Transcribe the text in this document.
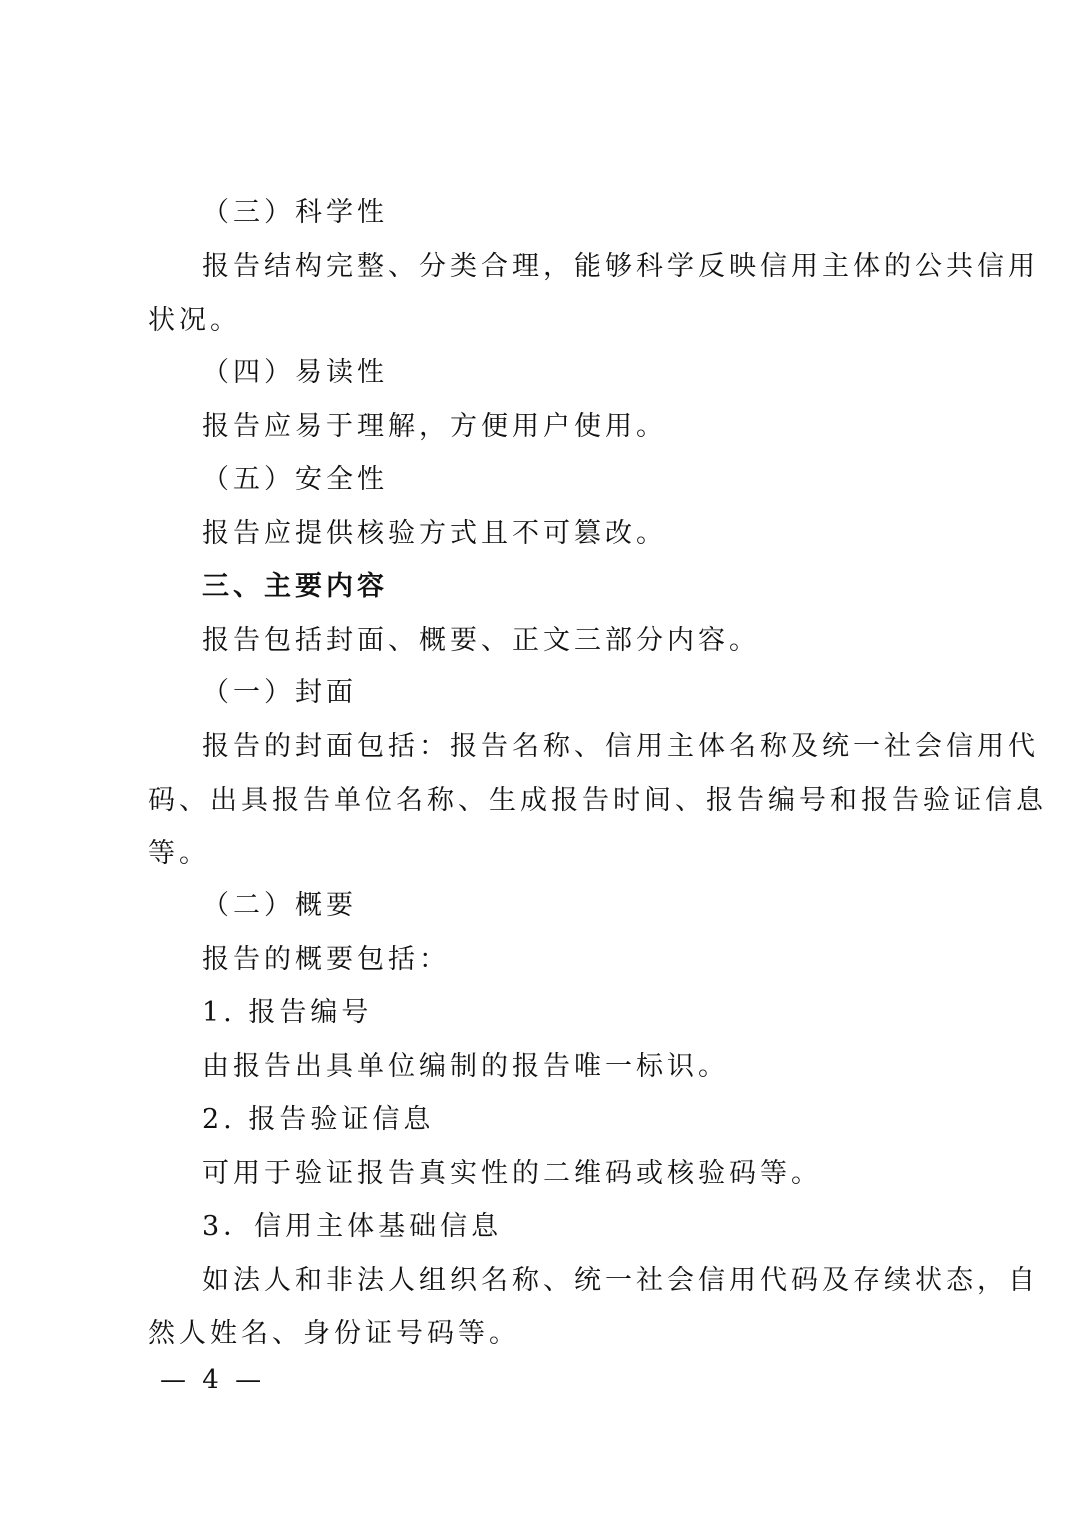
（三）科学性
报告结构完整、分类合理，能够科学反映信用主体的公共信用
状况。
（四）易读性
报告应易于理解，方便用户使用。
（五）安全性
报告应提供核验方式且不可篡改。
三、主要内容
报告包括封面、概要、正文三部分内容。
（一）封面
报告的封面包括：报告名称、信用主体名称及统一社会信用代
码、出具报告单位名称、生成报告时间、报告编号和报告验证信息
等。
（二）概要
报告的概要包括：
1. 报告编号
由报告出具单位编制的报告唯一标识。
2. 报告验证信息
可用于验证报告真实性的二维码或核验码等。
3．信用主体基础信息
如法人和非法人组织名称、统一社会信用代码及存续状态，自
然人姓名、身份证号码等。
— 4 —
